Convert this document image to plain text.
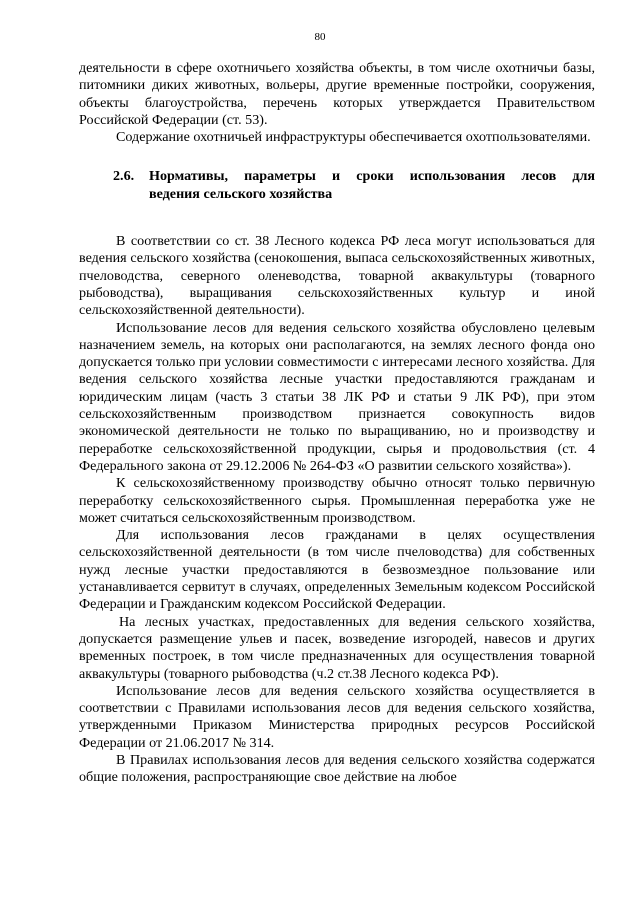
80

деятельности в сфере охотничьего хозяйства объекты, в том числе охотничьи базы, питомники диких животных, вольеры, другие временные постройки, сооружения, объекты благоустройства, перечень которых утверждается Правительством Российской Федерации (ст. 53).

Содержание охотничьей инфраструктуры обеспечивается охотпользователями.

2.6. Нормативы, параметры и сроки использования лесов для
ведения сельского хозяйства

В соответствии со ст. 38 Лесного кодекса РФ леса могут использоваться для ведения сельского хозяйства (сенокошения, выпаса сельскохозяйственных животных, пчеловодства, северного оленеводства, товарной аквакультуры (товарного рыбоводства), выращивания сельскохозяйственных культур и иной сельскохозяйственной деятельности).

Использование лесов для ведения сельского хозяйства обусловлено целевым назначением земель, на которых они располагаются, на землях лесного фонда оно допускается только при условии совместимости с интересами лесного хозяйства. Для ведения сельского хозяйства лесные участки предоставляются гражданам и юридическим лицам (часть 3 статьи 38 ЛК РФ и статьи 9 ЛК РФ), при этом сельскохозяйственным производством признается совокупность видов экономической деятельности не только по выращиванию, но и производству и переработке сельскохозяйственной продукции, сырья и продовольствия (ст. 4 Федерального закона от 29.12.2006 № 264-ФЗ «О развитии сельского хозяйства»).

К сельскохозяйственному производству обычно относят только первичную переработку сельскохозяйственного сырья. Промышленная переработка уже не может считаться сельскохозяйственным производством.

Для использования лесов гражданами в целях осуществления сельскохозяйственной деятельности (в том числе пчеловодства) для собственных нужд лесные участки предоставляются в безвозмездное пользование или устанавливается сервитут в случаях, определенных Земельным кодексом Российской Федерации и Гражданским кодексом Российской Федерации.

На лесных участках, предоставленных для ведения сельского хозяйства, допускается размещение ульев и пасек, возведение изгородей, навесов и других временных построек, в том числе предназначенных для осуществления товарной аквакультуры (товарного рыбоводства (ч.2 ст.38 Лесного кодекса РФ).

Использование лесов для ведения сельского хозяйства осуществляется в соответствии с Правилами использования лесов для ведения сельского хозяйства, утвержденными Приказом Министерства природных ресурсов Российской Федерации от 21.06.2017 № 314.

В Правилах использования лесов для ведения сельского хозяйства содержатся общие положения, распространяющие свое действие на любое
